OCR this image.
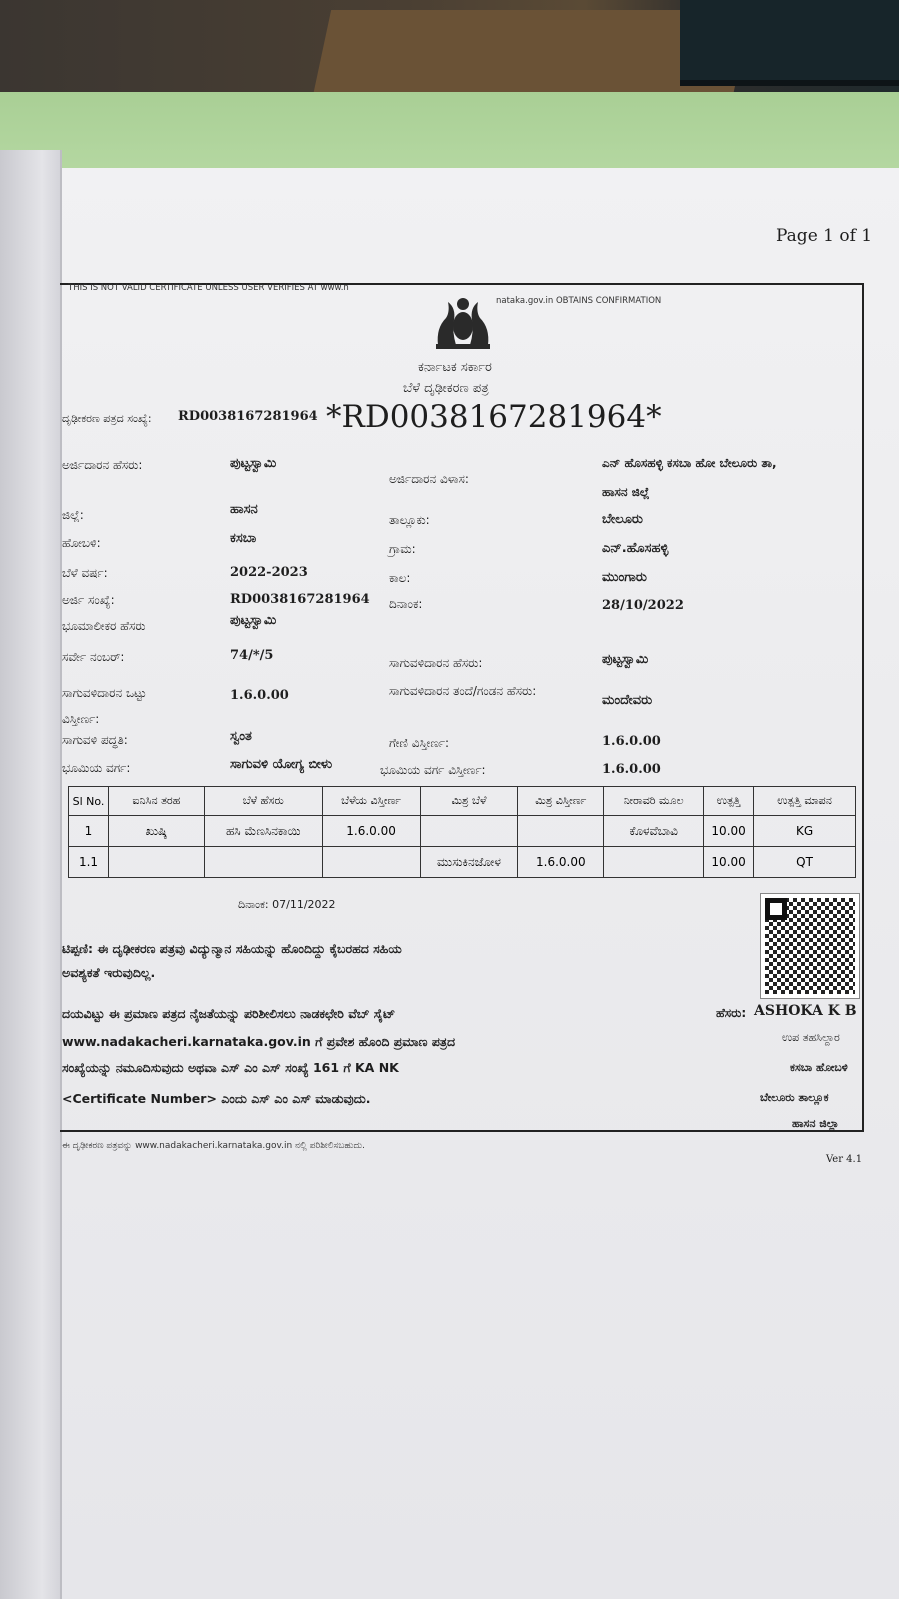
Page 1 of 1
THIS IS NOT VALID CERTIFICATE UNLESS USER VERIFIES AT www.n
nataka.gov.in OBTAINS CONFIRMATION
ಕರ್ನಾಟಕ ಸರ್ಕಾರ
ಬೆಳೆ ದೃಢೀಕರಣ ಪತ್ರ
ದೃಢೀಕರಣ ಪತ್ರದ ಸಂಖ್ಯೆ: RD0038167281964 *RD0038167281964*
ಅರ್ಜಿದಾರನ ಹೆಸರು:	ಪುಟ್ಟಸ್ವಾಮಿ
ಜಿಲ್ಲೆ:	ಹಾಸನ
ಹೋಬಳಿ:	ಕಸಬಾ
ಬೆಳೆ ವರ್ಷ:	2022-2023
ಅರ್ಜಿ ಸಂಖ್ಯೆ:	RD0038167281964
ಭೂಮಾಲೀಕರ ಹೆಸರು	ಪುಟ್ಟಸ್ವಾಮಿ
ಸರ್ವೇ ನಂಬರ್:	74/*/5
ಸಾಗುವಳಿದಾರನ ಒಟ್ಟು ವಿಸ್ತೀರ್ಣ:
1.6.0.00
ಸಾಗುವಳಿ ಪದ್ಧತಿ:	ಸ್ವಂತ
ಭೂಮಿಯ ವರ್ಗ:	ಸಾಗುವಳಿ ಯೋಗ್ಯ ಬೀಳು
ಅರ್ಜಿದಾರನ ವಿಳಾಸ:
ಎನ್ ಹೊಸಹಳ್ಳಿ ಕಸಬಾ ಹೋ ಬೇಲೂರು ತಾ,
ಹಾಸನ ಜಿಲ್ಲೆ
ತಾಲ್ಲೂಕು:	ಬೇಲೂರು
ಗ್ರಾಮ:	ಎನ್.ಹೊಸಹಳ್ಳಿ
ಕಾಲ:	ಮುಂಗಾರು
ದಿನಾಂಕ:	28/10/2022
ಸಾಗುವಳಿದಾರನ ಹೆಸರು:	ಪುಟ್ಟಸ್ವಾಮಿ
ಸಾಗುವಳಿದಾರನ ತಂದೆ/ಗಂಡನ ಹೆಸರು:
ಮಂದೇವರು
ಗೇಣಿ ವಿಸ್ತೀರ್ಣ:	1.6.0.00
ಭೂಮಿಯ ವರ್ಗ ವಿಸ್ತೀರ್ಣ:	1.6.0.00
Sl No.	ಐನಿಸಿನ ತರಹ	ಬೆಳೆ ಹೆಸರು	ಬೆಳೆಯ ವಿಸ್ತೀರ್ಣ	ಮಿಶ್ರ ಬೆಳೆ	ಮಿಶ್ರ ವಿಸ್ತೀರ್ಣ	ನೀರಾವರಿ ಮೂಲ	ಉತ್ಪತ್ತಿ	ಉತ್ಪತ್ತಿ ಮಾಪನ
1	ಖುಷ್ಕಿ	ಹಸಿ ಮೆಣಸಿನಕಾಯಿ	1.6.0.00			ಕೊಳವೆಬಾವಿ	10.00	KG
1.1				ಮುಸುಕಿನಜೋಳ	1.6.0.00		10.00	QT
ದಿನಾಂಕ: 07/11/2022
ಟಿಪ್ಪಣಿ: ಈ ದೃಢೀಕರಣ ಪತ್ರವು ವಿದ್ಯುನ್ಮಾನ ಸಹಿಯನ್ನು ಹೊಂದಿದ್ದು ಕೈಬರಹದ ಸಹಿಯ
ಅವಶ್ಯಕತೆ ಇರುವುದಿಲ್ಲ.
ದಯವಿಟ್ಟು ಈ ಪ್ರಮಾಣ ಪತ್ರದ ನೈಜತೆಯನ್ನು ಪರಿಶೀಲಿಸಲು ನಾಡಕಛೇರಿ ವೆಬ್ ಸೈಟ್
www.nadakacheri.karnataka.gov.in ಗೆ ಪ್ರವೇಶ ಹೊಂದಿ ಪ್ರಮಾಣ ಪತ್ರದ
ಸಂಖ್ಯೆಯನ್ನು ನಮೂದಿಸುವುದು ಅಥವಾ ಎಸ್ ಎಂ ಎಸ್ ಸಂಖ್ಯೆ 161 ಗೆ KA NK
<Certificate Number> ಎಂದು ಎಸ್ ಎಂ ಎಸ್ ಮಾಡುವುದು.
ಹೆಸರು: ASHOKA K B
ಉಪ ತಹಸಿಲ್ದಾರ
ಕಸಬಾ ಹೋಬಳಿ
ಬೇಲೂರು ತಾಲ್ಲೂಕ
ಹಾಸನ ಜಿಲ್ಲಾ
ಈ ದೃಢೀಕರಣ ಪತ್ರವನ್ನು www.nadakacheri.karnataka.gov.in ನಲ್ಲಿ ಪರಿಶೀಲಿಸಬಹುದು.
Ver 4.1
